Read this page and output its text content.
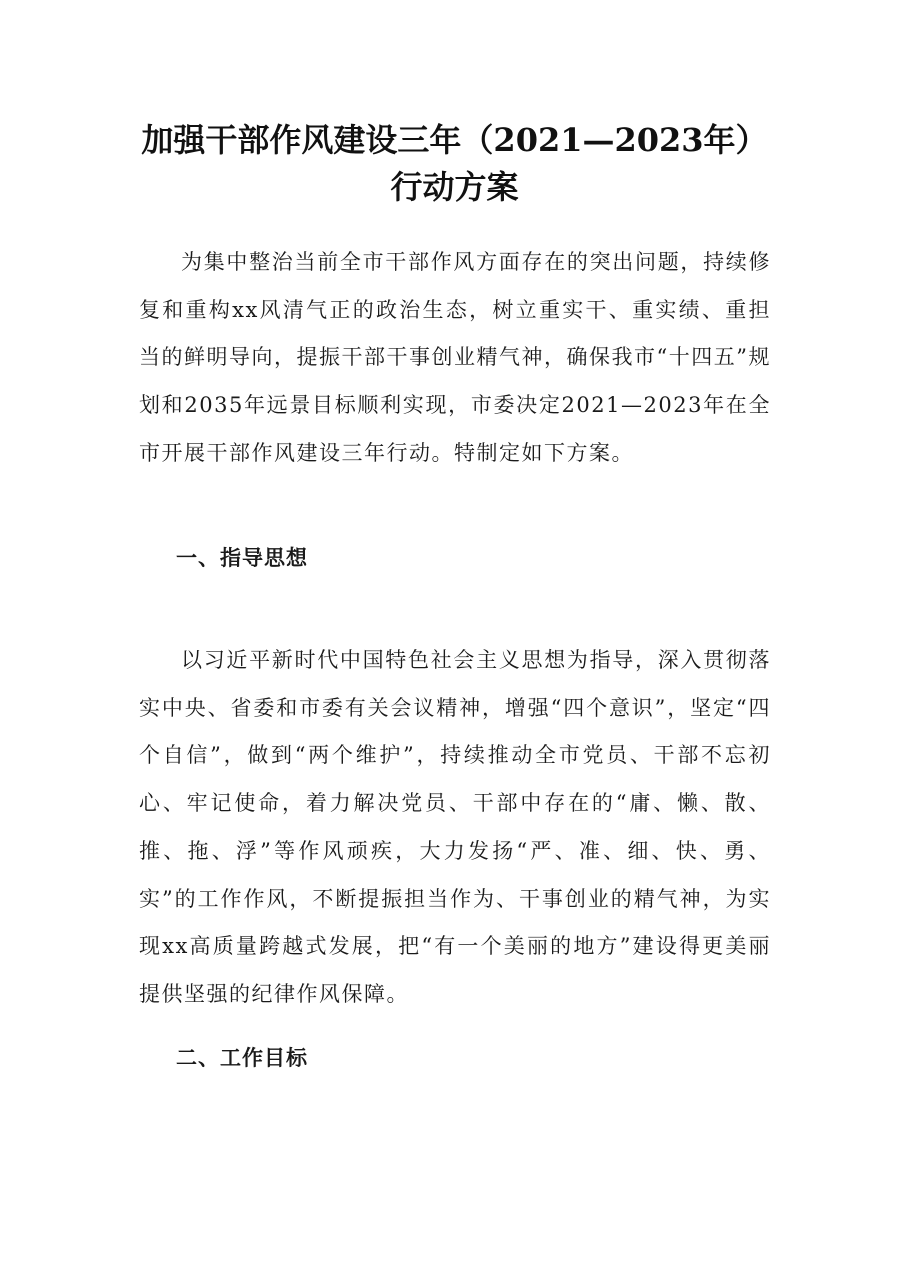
加强干部作风建设三年（2021—2023年）
行动方案

为集中整治当前全市干部作风方面存在的突出问题，持续修复和重构xx风清气正的政治生态，树立重实干、重实绩、重担当的鲜明导向，提振干部干事创业精气神，确保我市“十四五”规划和2035年远景目标顺利实现，市委决定2021—2023年在全市开展干部作风建设三年行动。特制定如下方案。

一、指导思想

以习近平新时代中国特色社会主义思想为指导，深入贯彻落实中央、省委和市委有关会议精神，增强“四个意识”，坚定“四个自信”，做到“两个维护”，持续推动全市党员、干部不忘初心、牢记使命，着力解决党员、干部中存在的“庸、懒、散、推、拖、浮”等作风顽疾，大力发扬“严、准、细、快、勇、实”的工作作风，不断提振担当作为、干事创业的精气神，为实现xx高质量跨越式发展，把“有一个美丽的地方”建设得更美丽提供坚强的纪律作风保障。

二、工作目标
